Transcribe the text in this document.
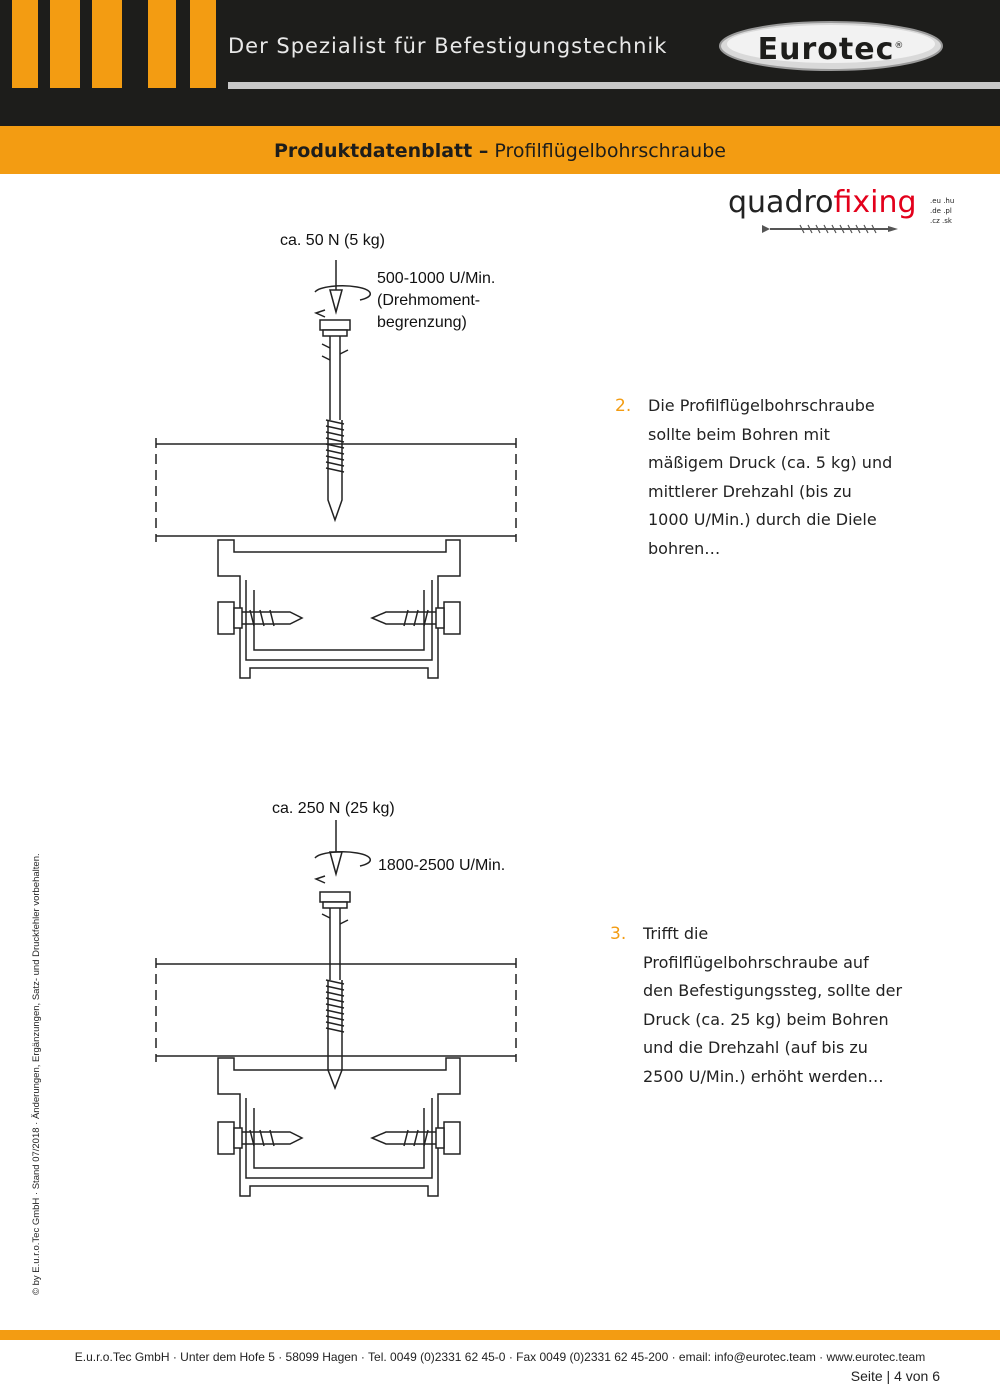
Der Spezialist für Befestigungstechnik	Eurotec®
Produktdatenblatt – Profilflügelbohrschraube
quadrofixing .eu .hu
.de .pl
.cz .sk
ca. 50 N (5 kg)
500-1000 U/Min.
(Drehmoment-
begrenzung)
2. Die Profilflügelbohrschraube
sollte beim Bohren mit
mäßigem Druck (ca. 5 kg) und
mittlerer Drehzahl (bis zu
1000 U/Min.) durch die Diele
bohren…
ca. 250 N (25 kg)
1800-2500 U/Min.
3. Trifft die
Profilflügelbohrschraube auf
den Befestigungssteg, sollte der
Druck (ca. 25 kg) beim Bohren
und die Drehzahl (auf bis zu
2500 U/Min.) erhöht werden…
© by E.u.r.o.Tec GmbH · Stand 07/2018 · Änderungen, Ergänzungen, Satz- und Druckfehler vorbehalten.
E.u.r.o.Tec GmbH · Unter dem Hofe 5 · 58099 Hagen · Tel. 0049 (0)2331 62 45-0 · Fax 0049 (0)2331 62 45-200 · email: info@eurotec.team · www.eurotec.team
Seite | 4 von 6
